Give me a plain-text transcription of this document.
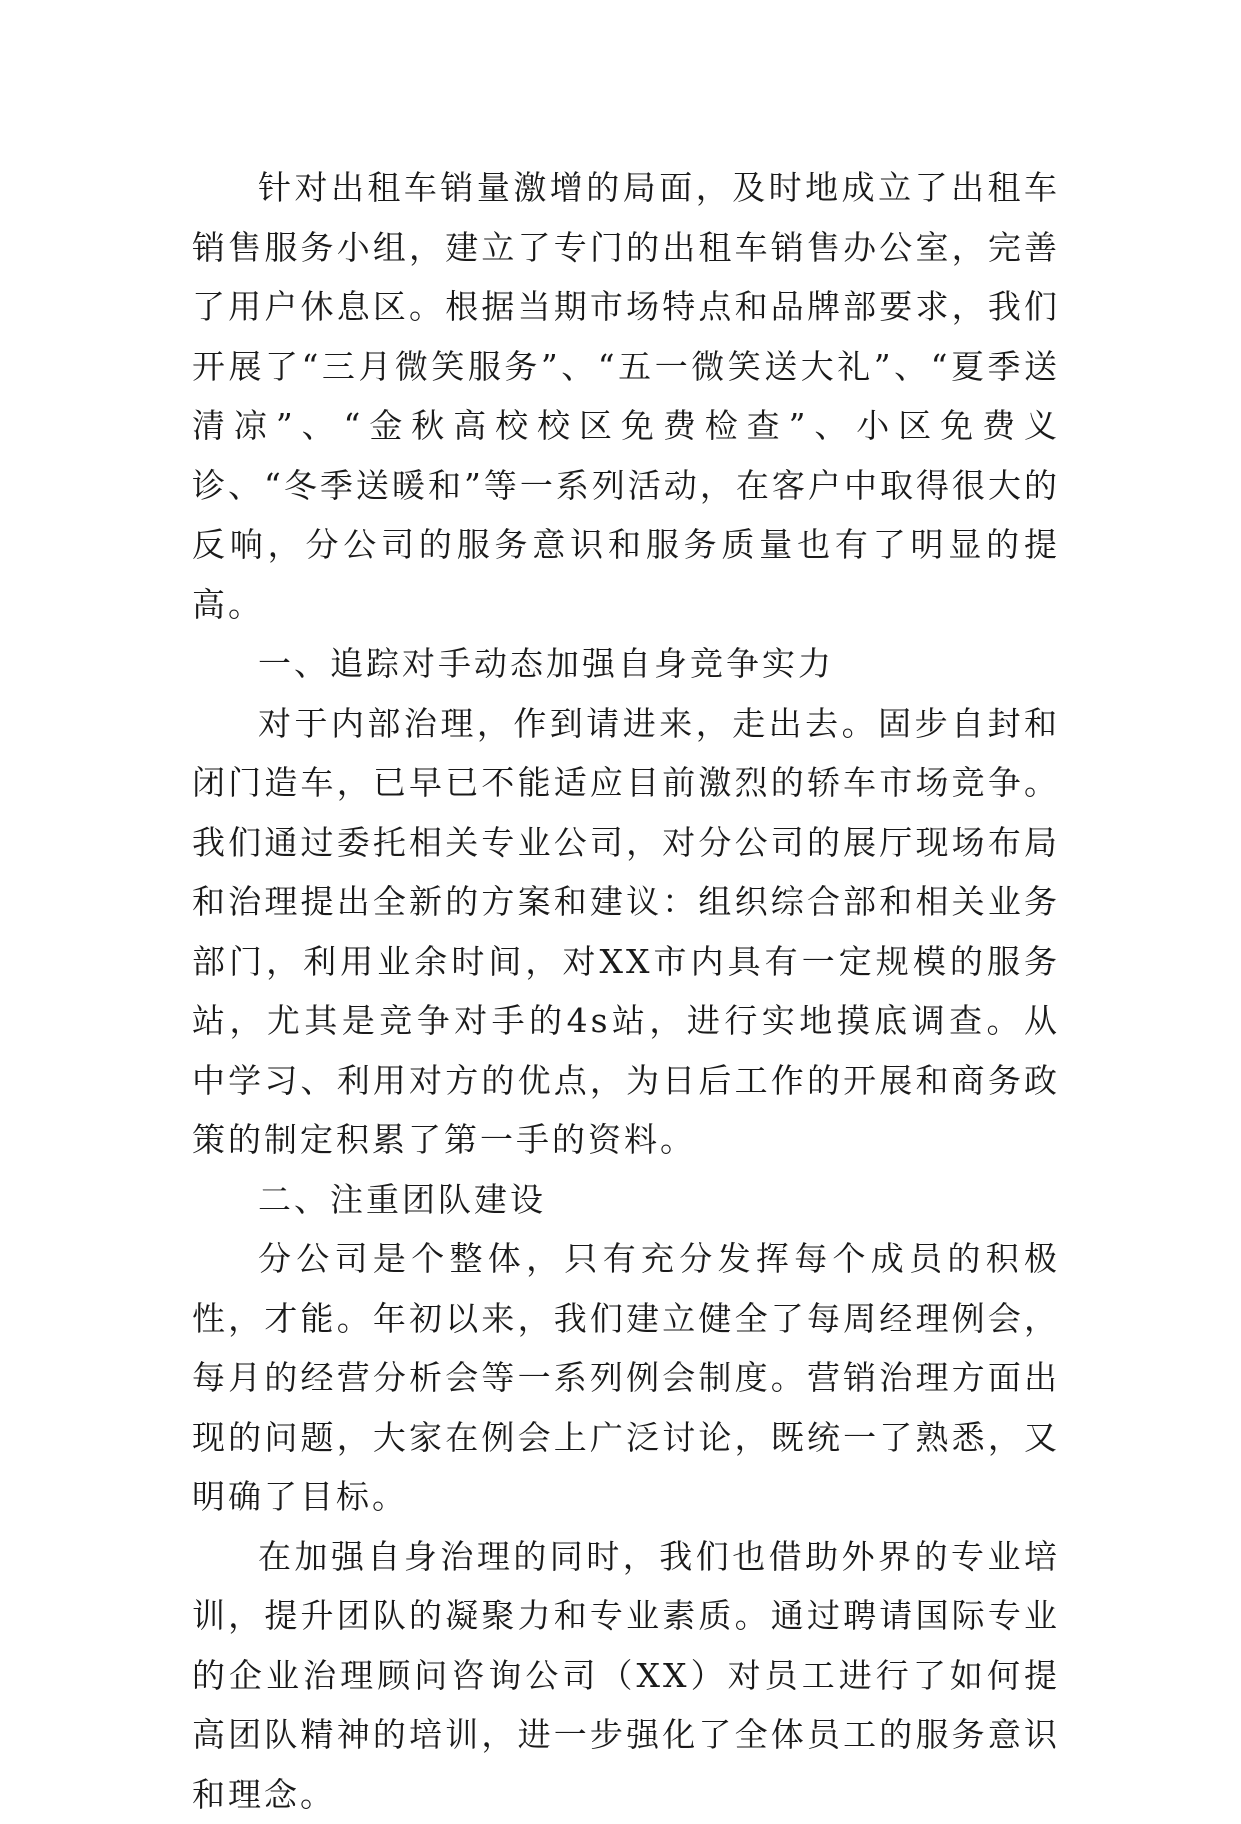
针对出租车销量激增的局面，及时地成立了出租车销售服务小组，建立了专门的出租车销售办公室，完善了用户休息区。根据当期市场特点和品牌部要求，我们开展了“三月微笑服务”、“五一微笑送大礼”、“夏季送清凉”、“金秋高校校区免费检查”、小区免费义诊、“冬季送暖和”等一系列活动，在客户中取得很大的反响，分公司的服务意识和服务质量也有了明显的提高。

一、追踪对手动态加强自身竞争实力

对于内部治理，作到请进来，走出去。固步自封和闭门造车，已早已不能适应目前激烈的轿车市场竞争。我们通过委托相关专业公司，对分公司的展厅现场布局和治理提出全新的方案和建议：组织综合部和相关业务部门，利用业余时间，对XX市内具有一定规模的服务站，尤其是竞争对手的4s站，进行实地摸底调查。从中学习、利用对方的优点，为日后工作的开展和商务政策的制定积累了第一手的资料。

二、注重团队建设

分公司是个整体，只有充分发挥每个成员的积极性，才能。年初以来，我们建立健全了每周经理例会，每月的经营分析会等一系列例会制度。营销治理方面出现的问题，大家在例会上广泛讨论，既统一了熟悉，又明确了目标。

在加强自身治理的同时，我们也借助外界的专业培训，提升团队的凝聚力和专业素质。通过聘请国际专业的企业治理顾问咨询公司（XX）对员工进行了如何提高团队精神的培训，进一步强化了全体员工的服务意识和理念。
